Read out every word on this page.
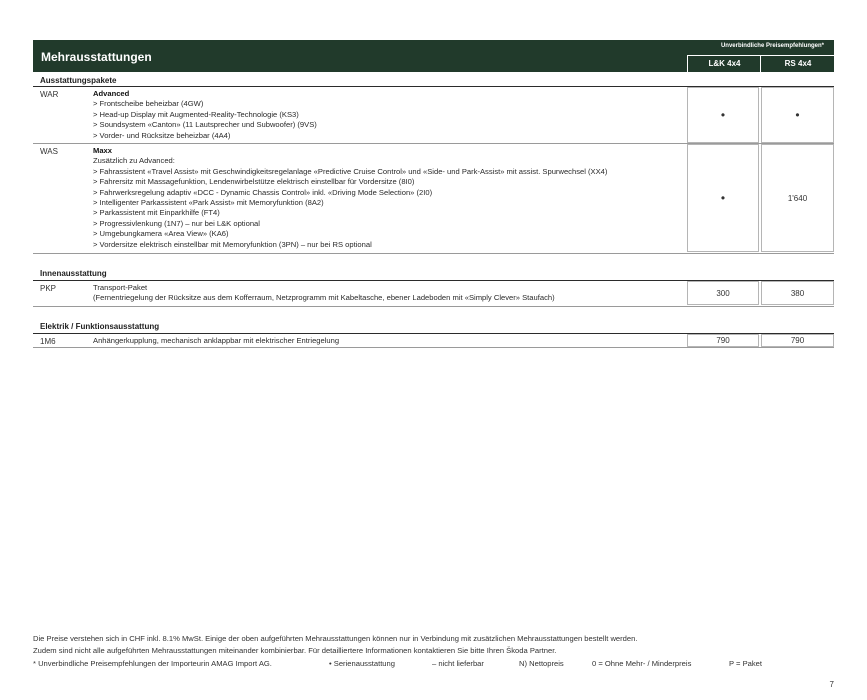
Mehrausstattungen
Unverbindliche Preisempfehlungen*
L&K 4x4	RS 4x4
Ausstattungspakete
WAR	Advanced
> Frontscheibe beheizbar (4GW)
> Head-up Display mit Augmented-Reality-Technologie (KS3)
> Soundsystem «Canton» (11 Lautsprecher und Subwoofer) (9VS)
> Vorder- und Rücksitze beheizbar (4A4)
•	•
WAS	Maxx
Zusätzlich zu Advanced:
> Fahrassistent «Travel Assist» mit Geschwindigkeitsregelanlage «Predictive Cruise Control» und «Side- und Park-Assist» mit assist. Spurwechsel (XX4)
> Fahrersitz mit Massagefunktion, Lendenwirbelstütze elektrisch einstellbar für Vordersitze (8I0)
> Fahrwerksregelung adaptiv «DCC - Dynamic Chassis Control» inkl. «Driving Mode Selection» (2I0)
> Intelligenter Parkassistent «Park Assist» mit Memoryfunktion (8A2)
> Parkassistent mit Einparkhilfe (FT4)
> Progressivlenkung (1N7) – nur bei L&K optional
> Umgebungkamera «Area View» (KA6)
> Vordersitze elektrisch einstellbar mit Memoryfunktion (3PN) – nur bei RS optional
•	1'640
Innenausstattung
PKP	Transport-Paket
(Fernentriegelung der Rücksitze aus dem Kofferraum, Netzprogramm mit Kabeltasche, ebener Ladeboden mit «Simply Clever» Staufach)
300	380
Elektrik / Funktionsausstattung
1M6	Anhängerkupplung, mechanisch anklappbar mit elektrischer Entriegelung	790	790
Die Preise verstehen sich in CHF inkl. 8.1% MwSt. Einige der oben aufgeführten Mehrausstattungen können nur in Verbindung mit zusätzlichen Mehrausstattungen bestellt werden.
Zudem sind nicht alle aufgeführten Mehrausstattungen miteinander kombinierbar. Für detailliertere Informationen kontaktieren Sie bitte Ihren Škoda Partner.
* Unverbindliche Preisempfehlungen der Importeurin AMAG Import AG.	• Serienausstattung	– nicht lieferbar	N) Nettopreis	0 = Ohne Mehr- / Minderpreis	P = Paket
7
